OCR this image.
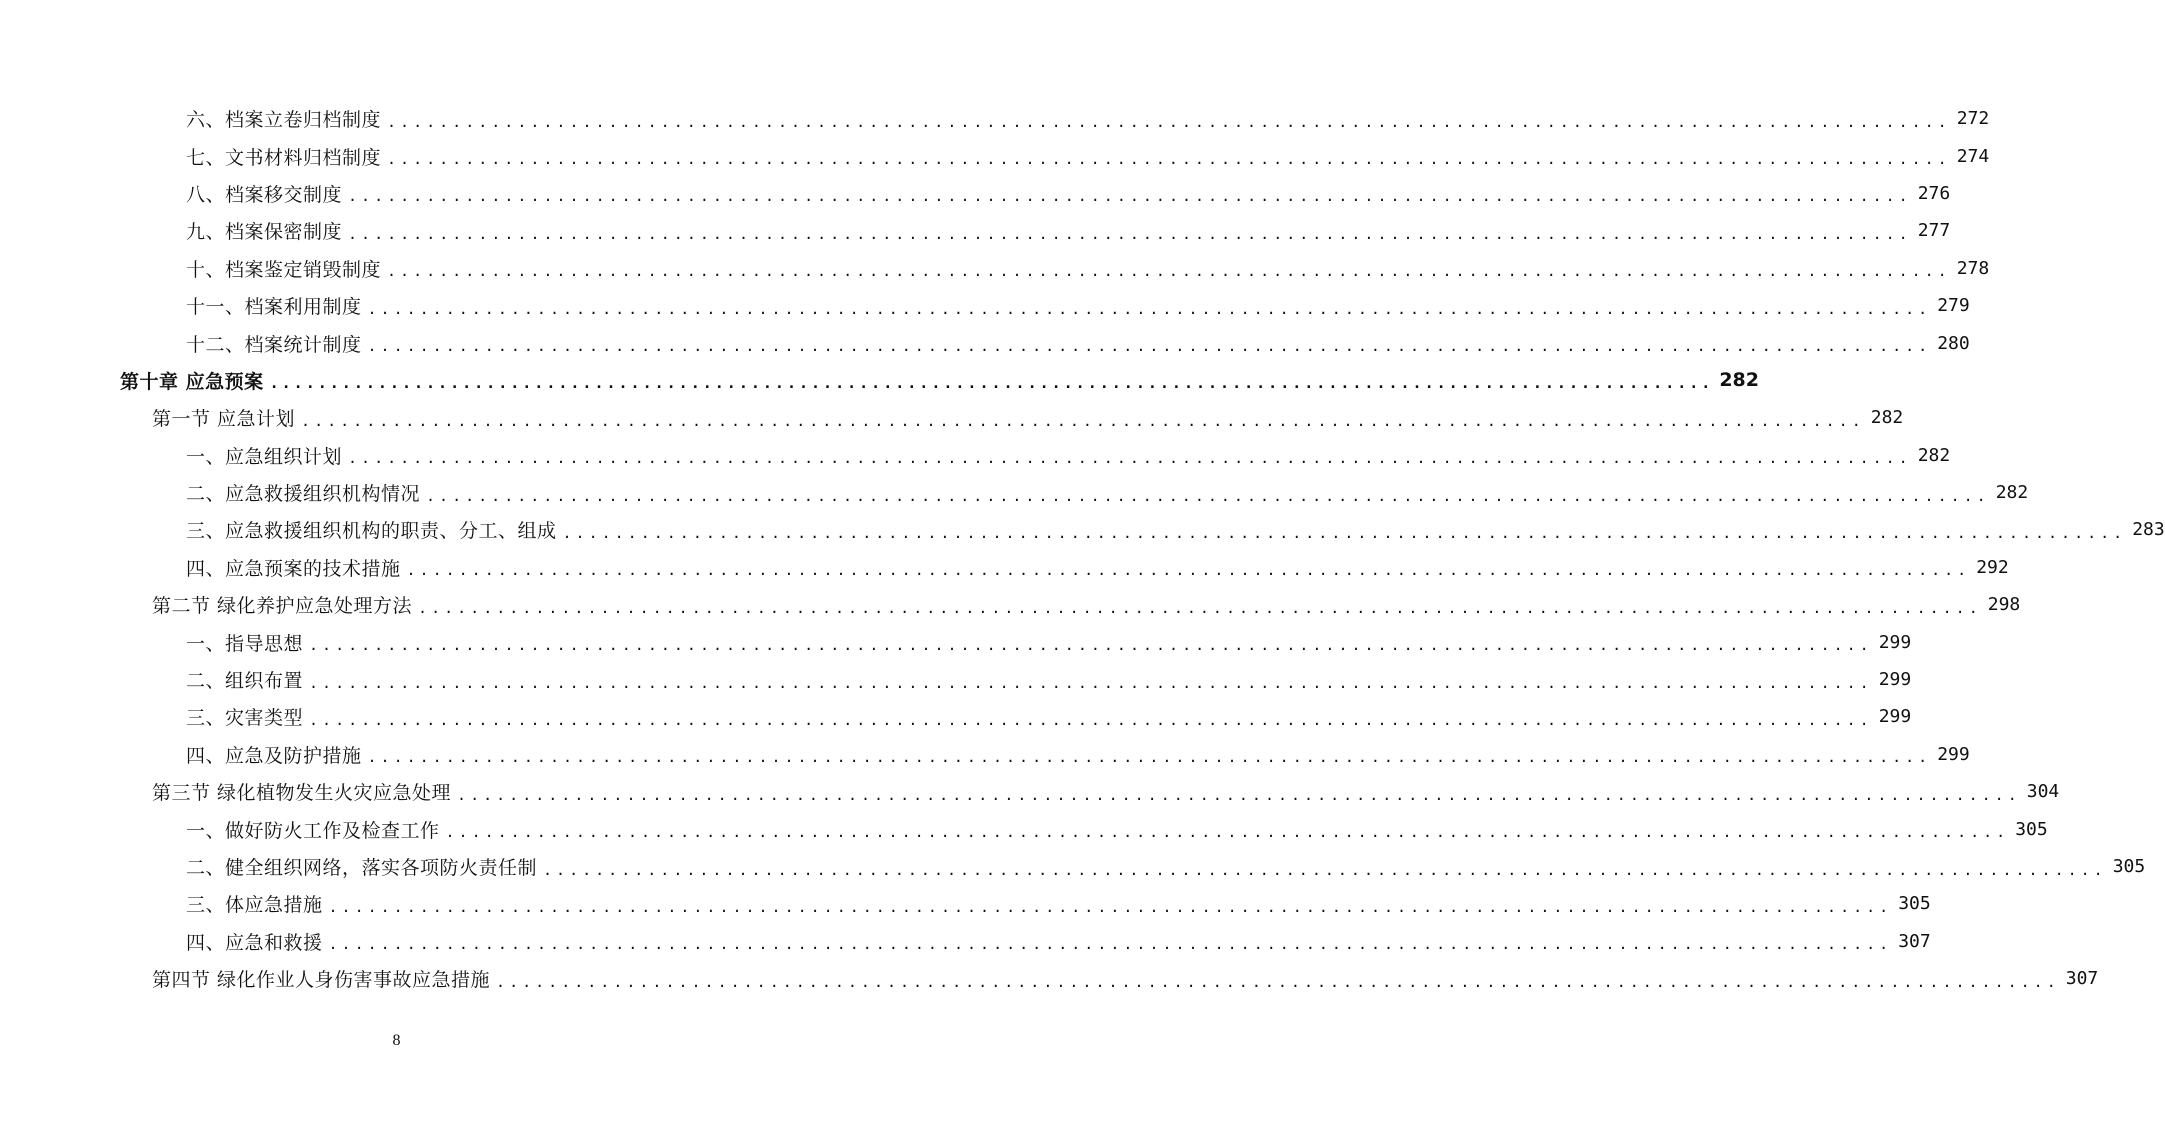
六、档案立卷归档制度 ........................................................................................................................ 272
七、文书材料归档制度 ........................................................................................................................ 274
八、档案移交制度 ........................................................................................................................ 276
九、档案保密制度 ........................................................................................................................ 277
十、档案鉴定销毁制度 ........................................................................................................................ 278
十一、档案利用制度 ........................................................................................................................ 279
十二、档案统计制度 ........................................................................................................................ 280
第十章 应急预案 ........................................................................................................................ 282
第一节 应急计划 ........................................................................................................................ 282
一、应急组织计划 ........................................................................................................................ 282
二、应急救援组织机构情况 ........................................................................................................................ 282
三、应急救援组织机构的职责、分工、组成 ........................................................................................................................ 283
四、应急预案的技术措施 ........................................................................................................................ 292
第二节 绿化养护应急处理方法 ........................................................................................................................ 298
一、指导思想 ........................................................................................................................ 299
二、组织布置 ........................................................................................................................ 299
三、灾害类型 ........................................................................................................................ 299
四、应急及防护措施 ........................................................................................................................ 299
第三节 绿化植物发生火灾应急处理 ........................................................................................................................ 304
一、做好防火工作及检查工作 ........................................................................................................................ 305
二、健全组织网络，落实各项防火责任制 ........................................................................................................................ 305
三、体应急措施 ........................................................................................................................ 305
四、应急和救援 ........................................................................................................................ 307
第四节 绿化作业人身伤害事故应急措施 ........................................................................................................................ 307
8
